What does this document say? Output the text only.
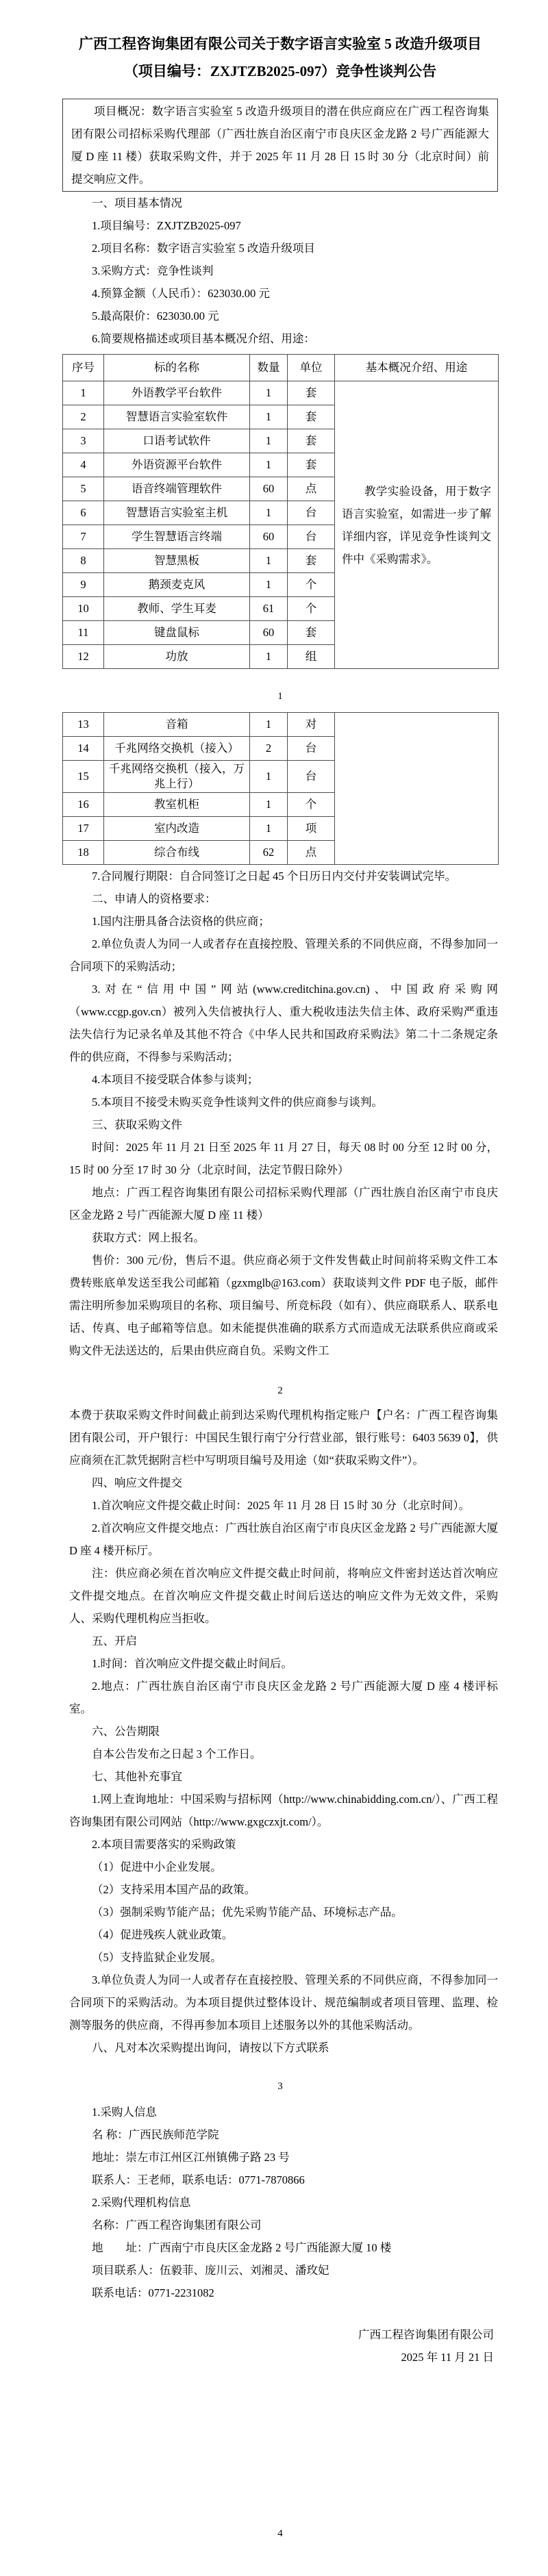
广西工程咨询集团有限公司关于数字语言实验室 5 改造升级项目
（项目编号：ZXJTZB2025-097）竞争性谈判公告

项目概况：数字语言实验室 5 改造升级项目的潜在供应商应在广西工程咨询集团有限公司招标采购代理部（广西壮族自治区南宁市良庆区金龙路 2 号广西能源大厦 D 座 11 楼）获取采购文件，并于 2025 年 11 月 28 日 15 时 30 分（北京时间）前提交响应文件。

一、项目基本情况
1.项目编号：ZXJTZB2025-097
2.项目名称：数字语言实验室 5 改造升级项目
3.采购方式：竞争性谈判
4.预算金额（人民币）：623030.00 元
5.最高限价：623030.00 元
6.简要规格描述或项目基本概况介绍、用途：
序号	标的名称	数量	单位	基本概况介绍、用途
1	外语教学平台软件	1	套	教学实验设备，用于数字语言实验室，如需进一步了解详细内容，详见竞争性谈判文件中《采购需求》。
2	智慧语言实验室软件	1	套	
3	口语考试软件	1	套	
4	外语资源平台软件	1	套	
5	语音终端管理软件	60	点	
6	智慧语言实验室主机	1	台	
7	学生智慧语言终端	60	台	
8	智慧黑板	1	套	
9	鹅颈麦克风	1	个	
10	教师、学生耳麦	61	个	
11	键盘鼠标	60	套	
12	功放	1	组	
1
13	音箱	1	对	
14	千兆网络交换机（接入）	2	台	
15	千兆网络交换机（接入，万兆上行）	1	台	
16	教室机柜	1	个	
17	室内改造	1	项	
18	综合布线	62	点	
7.合同履行期限：自合同签订之日起 45 个日历日内交付并安装调试完毕。
二、申请人的资格要求：
1.国内注册具备合法资格的供应商；
2.单位负责人为同一人或者存在直接控股、管理关系的不同供应商，不得参加同一合同项下的采购活动；
3.对在“信用中国”网站(www.creditchina.gov.cn)、中国政府采购网（www.ccgp.gov.cn）被列入失信被执行人、重大税收违法失信主体、政府采购严重违法失信行为记录名单及其他不符合《中华人民共和国政府采购法》第二十二条规定条件的供应商，不得参与采购活动；
4.本项目不接受联合体参与谈判；
5.本项目不接受未购买竞争性谈判文件的供应商参与谈判。
三、获取采购文件
时间：2025 年 11 月 21 日至 2025 年 11 月 27 日，每天 08 时 00 分至 12 时 00 分，15 时 00 分至 17 时 30 分（北京时间，法定节假日除外）
地点：广西工程咨询集团有限公司招标采购代理部（广西壮族自治区南宁市良庆区金龙路 2 号广西能源大厦 D 座 11 楼）
获取方式：网上报名。
售价：300 元/份，售后不退。供应商必须于文件发售截止时间前将采购文件工本费转账底单发送至我公司邮箱（gzxmglb@163.com）获取谈判文件 PDF 电子版，邮件需注明所参加采购项目的名称、项目编号、所竞标段（如有）、供应商联系人、联系电话、传真、电子邮箱等信息。如未能提供准确的联系方式而造成无法联系供应商或采购文件无法送达的，后果由供应商自负。采购文件工
2
本费于获取采购文件时间截止前到达采购代理机构指定账户【户名：广西工程咨询集团有限公司，开户银行：中国民生银行南宁分行营业部，银行账号：6403 5639 0】，供应商须在汇款凭据附言栏中写明项目编号及用途（如“获取采购文件”）。
四、响应文件提交
1.首次响应文件提交截止时间：2025 年 11 月 28 日 15 时 30 分（北京时间）。
2.首次响应文件提交地点：广西壮族自治区南宁市良庆区金龙路 2 号广西能源大厦 D 座 4 楼开标厅。
注：供应商必须在首次响应文件提交截止时间前，将响应文件密封送达首次响应文件提交地点。在首次响应文件提交截止时间后送达的响应文件为无效文件，采购人、采购代理机构应当拒收。
五、开启
1.时间：首次响应文件提交截止时间后。
2.地点：广西壮族自治区南宁市良庆区金龙路 2 号广西能源大厦 D 座 4 楼评标室。
六、公告期限
自本公告发布之日起 3 个工作日。
七、其他补充事宜
1.网上查询地址：中国采购与招标网（http://www.chinabidding.com.cn/）、广西工程咨询集团有限公司网站（http://www.gxgczxjt.com/）。
2.本项目需要落实的采购政策
（1）促进中小企业发展。
（2）支持采用本国产品的政策。
（3）强制采购节能产品；优先采购节能产品、环境标志产品。
（4）促进残疾人就业政策。
（5）支持监狱企业发展。
3.单位负责人为同一人或者存在直接控股、管理关系的不同供应商，不得参加同一合同项下的采购活动。为本项目提供过整体设计、规范编制或者项目管理、监理、检测等服务的供应商，不得再参加本项目上述服务以外的其他采购活动。
八、凡对本次采购提出询问，请按以下方式联系
3
1.采购人信息
名 称：广西民族师范学院
地址：崇左市江州区江州镇佛子路 23 号
联系人：王老师，联系电话：0771-7870866
2.采购代理机构信息
名称：广西工程咨询集团有限公司
地　　址：广西南宁市良庆区金龙路 2 号广西能源大厦 10 楼
项目联系人：伍毅菲、庞川云、刘湘灵、潘玫妃
联系电话：0771-2231082
广西工程咨询集团有限公司
2025 年 11 月 21 日
4
